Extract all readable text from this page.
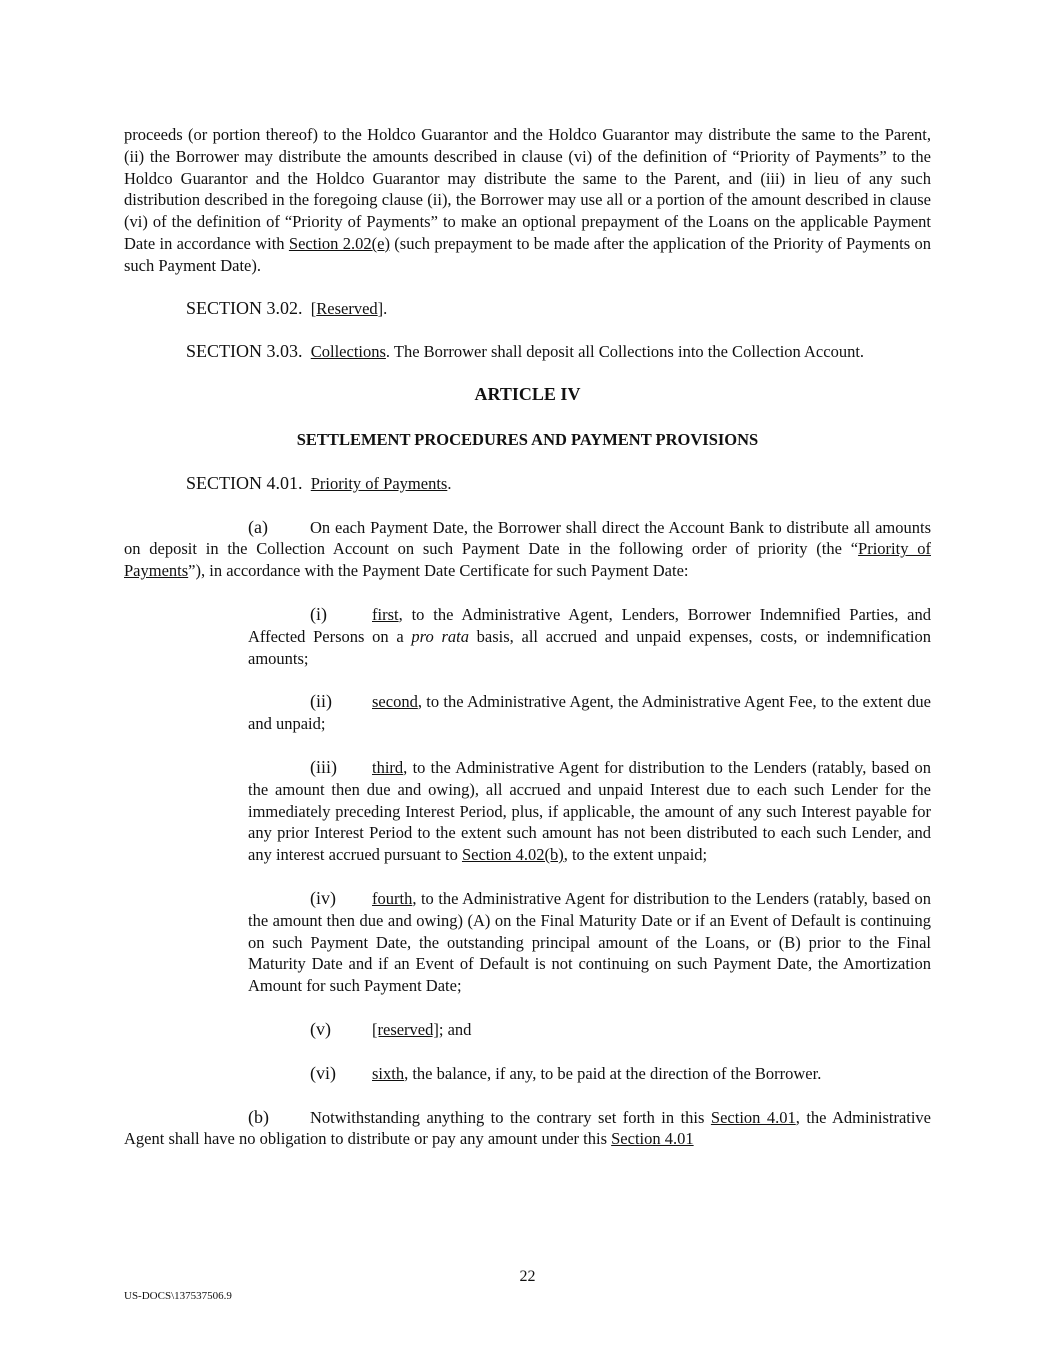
proceeds (or portion thereof) to the Holdco Guarantor and the Holdco Guarantor may distribute the same to the Parent, (ii) the Borrower may distribute the amounts described in clause (vi) of the definition of “Priority of Payments” to the Holdco Guarantor and the Holdco Guarantor may distribute the same to the Parent, and (iii) in lieu of any such distribution described in the foregoing clause (ii), the Borrower may use all or a portion of the amount described in clause (vi) of the definition of “Priority of Payments” to make an optional prepayment of the Loans on the applicable Payment Date in accordance with Section 2.02(e) (such prepayment to be made after the application of the Priority of Payments on such Payment Date).

SECTION 3.02. [Reserved].

SECTION 3.03. Collections. The Borrower shall deposit all Collections into the Collection Account.

ARTICLE IV

SETTLEMENT PROCEDURES AND PAYMENT PROVISIONS

SECTION 4.01. Priority of Payments.

(a)	On each Payment Date, the Borrower shall direct the Account Bank to distribute all amounts on deposit in the Collection Account on such Payment Date in the following order of priority (the “Priority of Payments”), in accordance with the Payment Date Certificate for such Payment Date:

(i)	first, to the Administrative Agent, Lenders, Borrower Indemnified Parties, and Affected Persons on a pro rata basis, all accrued and unpaid expenses, costs, or indemnification amounts;

(ii) second, to the Administrative Agent, the Administrative Agent Fee, to the extent due and unpaid;

(iii) third, to the Administrative Agent for distribution to the Lenders (ratably, based on the amount then due and owing), all accrued and unpaid Interest due to each such Lender for the immediately preceding Interest Period, plus, if applicable, the amount of any such Interest payable for any prior Interest Period to the extent such amount has not been distributed to each such Lender, and any interest accrued pursuant to Section 4.02(b), to the extent unpaid;

(iv) fourth, to the Administrative Agent for distribution to the Lenders (ratably, based on the amount then due and owing) (A) on the Final Maturity Date or if an Event of Default is continuing on such Payment Date, the outstanding principal amount of the Loans, or (B) prior to the Final Maturity Date and if an Event of Default is not continuing on such Payment Date, the Amortization Amount for such Payment Date;

(v) [reserved]; and

(vi) sixth, the balance, if any, to be paid at the direction of the Borrower.

(b) Notwithstanding anything to the contrary set forth in this Section 4.01, the Administrative Agent shall have no obligation to distribute or pay any amount under this Section 4.01

22
US-DOCS\137537506.9
